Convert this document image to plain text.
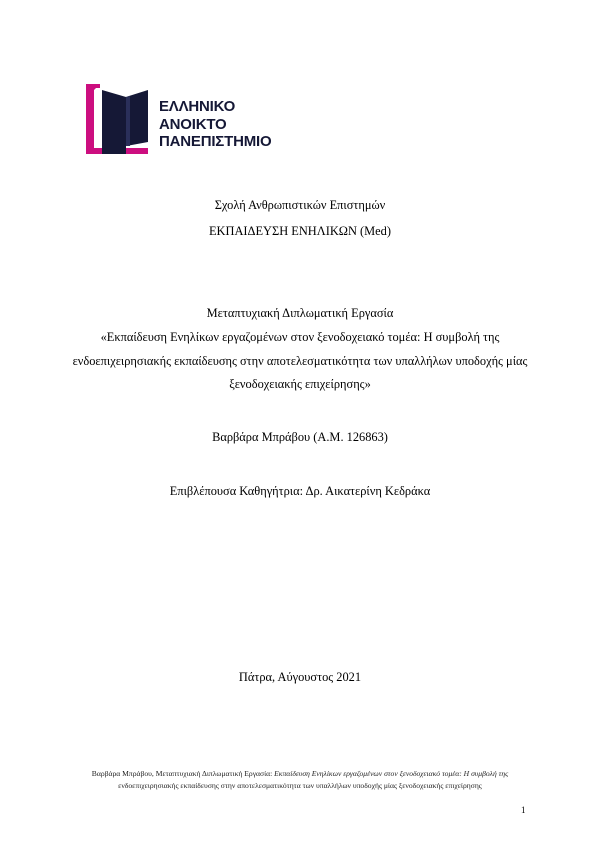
ΕΛΛΗΝΙΚΟ
ΑΝΟΙΚΤΟ
ΠΑΝΕΠΙΣΤΗΜΙΟ
Σχολή Ανθρωπιστικών Επιστημών
ΕΚΠΑΙΔΕΥΣΗ ΕΝΗΛΙΚΩΝ (Med)
Μεταπτυχιακή Διπλωματική Εργασία
«Εκπαίδευση Ενηλίκων εργαζομένων στον ξενοδοχειακό τομέα: Η συμβολή της
ενδοεπιχειρησιακής εκπαίδευσης στην αποτελεσματικότητα των υπαλλήλων υποδοχής μίας
ξενοδοχειακής επιχείρησης»
Βαρβάρα Μπράβου (Α.Μ. 126863)
Επιβλέπουσα Καθηγήτρια: Δρ. Αικατερίνη Κεδράκα
Πάτρα, Αύγουστος 2021
Βαρβάρα Μπράβου, Μεταπτυχιακή Διπλωματική Εργασία: Εκπαίδευση Ενηλίκων εργαζομένων στον ξενοδοχειακό τομέα: Η συμβολή της
ενδοεπιχειρησιακής εκπαίδευσης στην αποτελεσματικότητα των υπαλλήλων υποδοχής μίας ξενοδοχειακής επιχείρησης
1
